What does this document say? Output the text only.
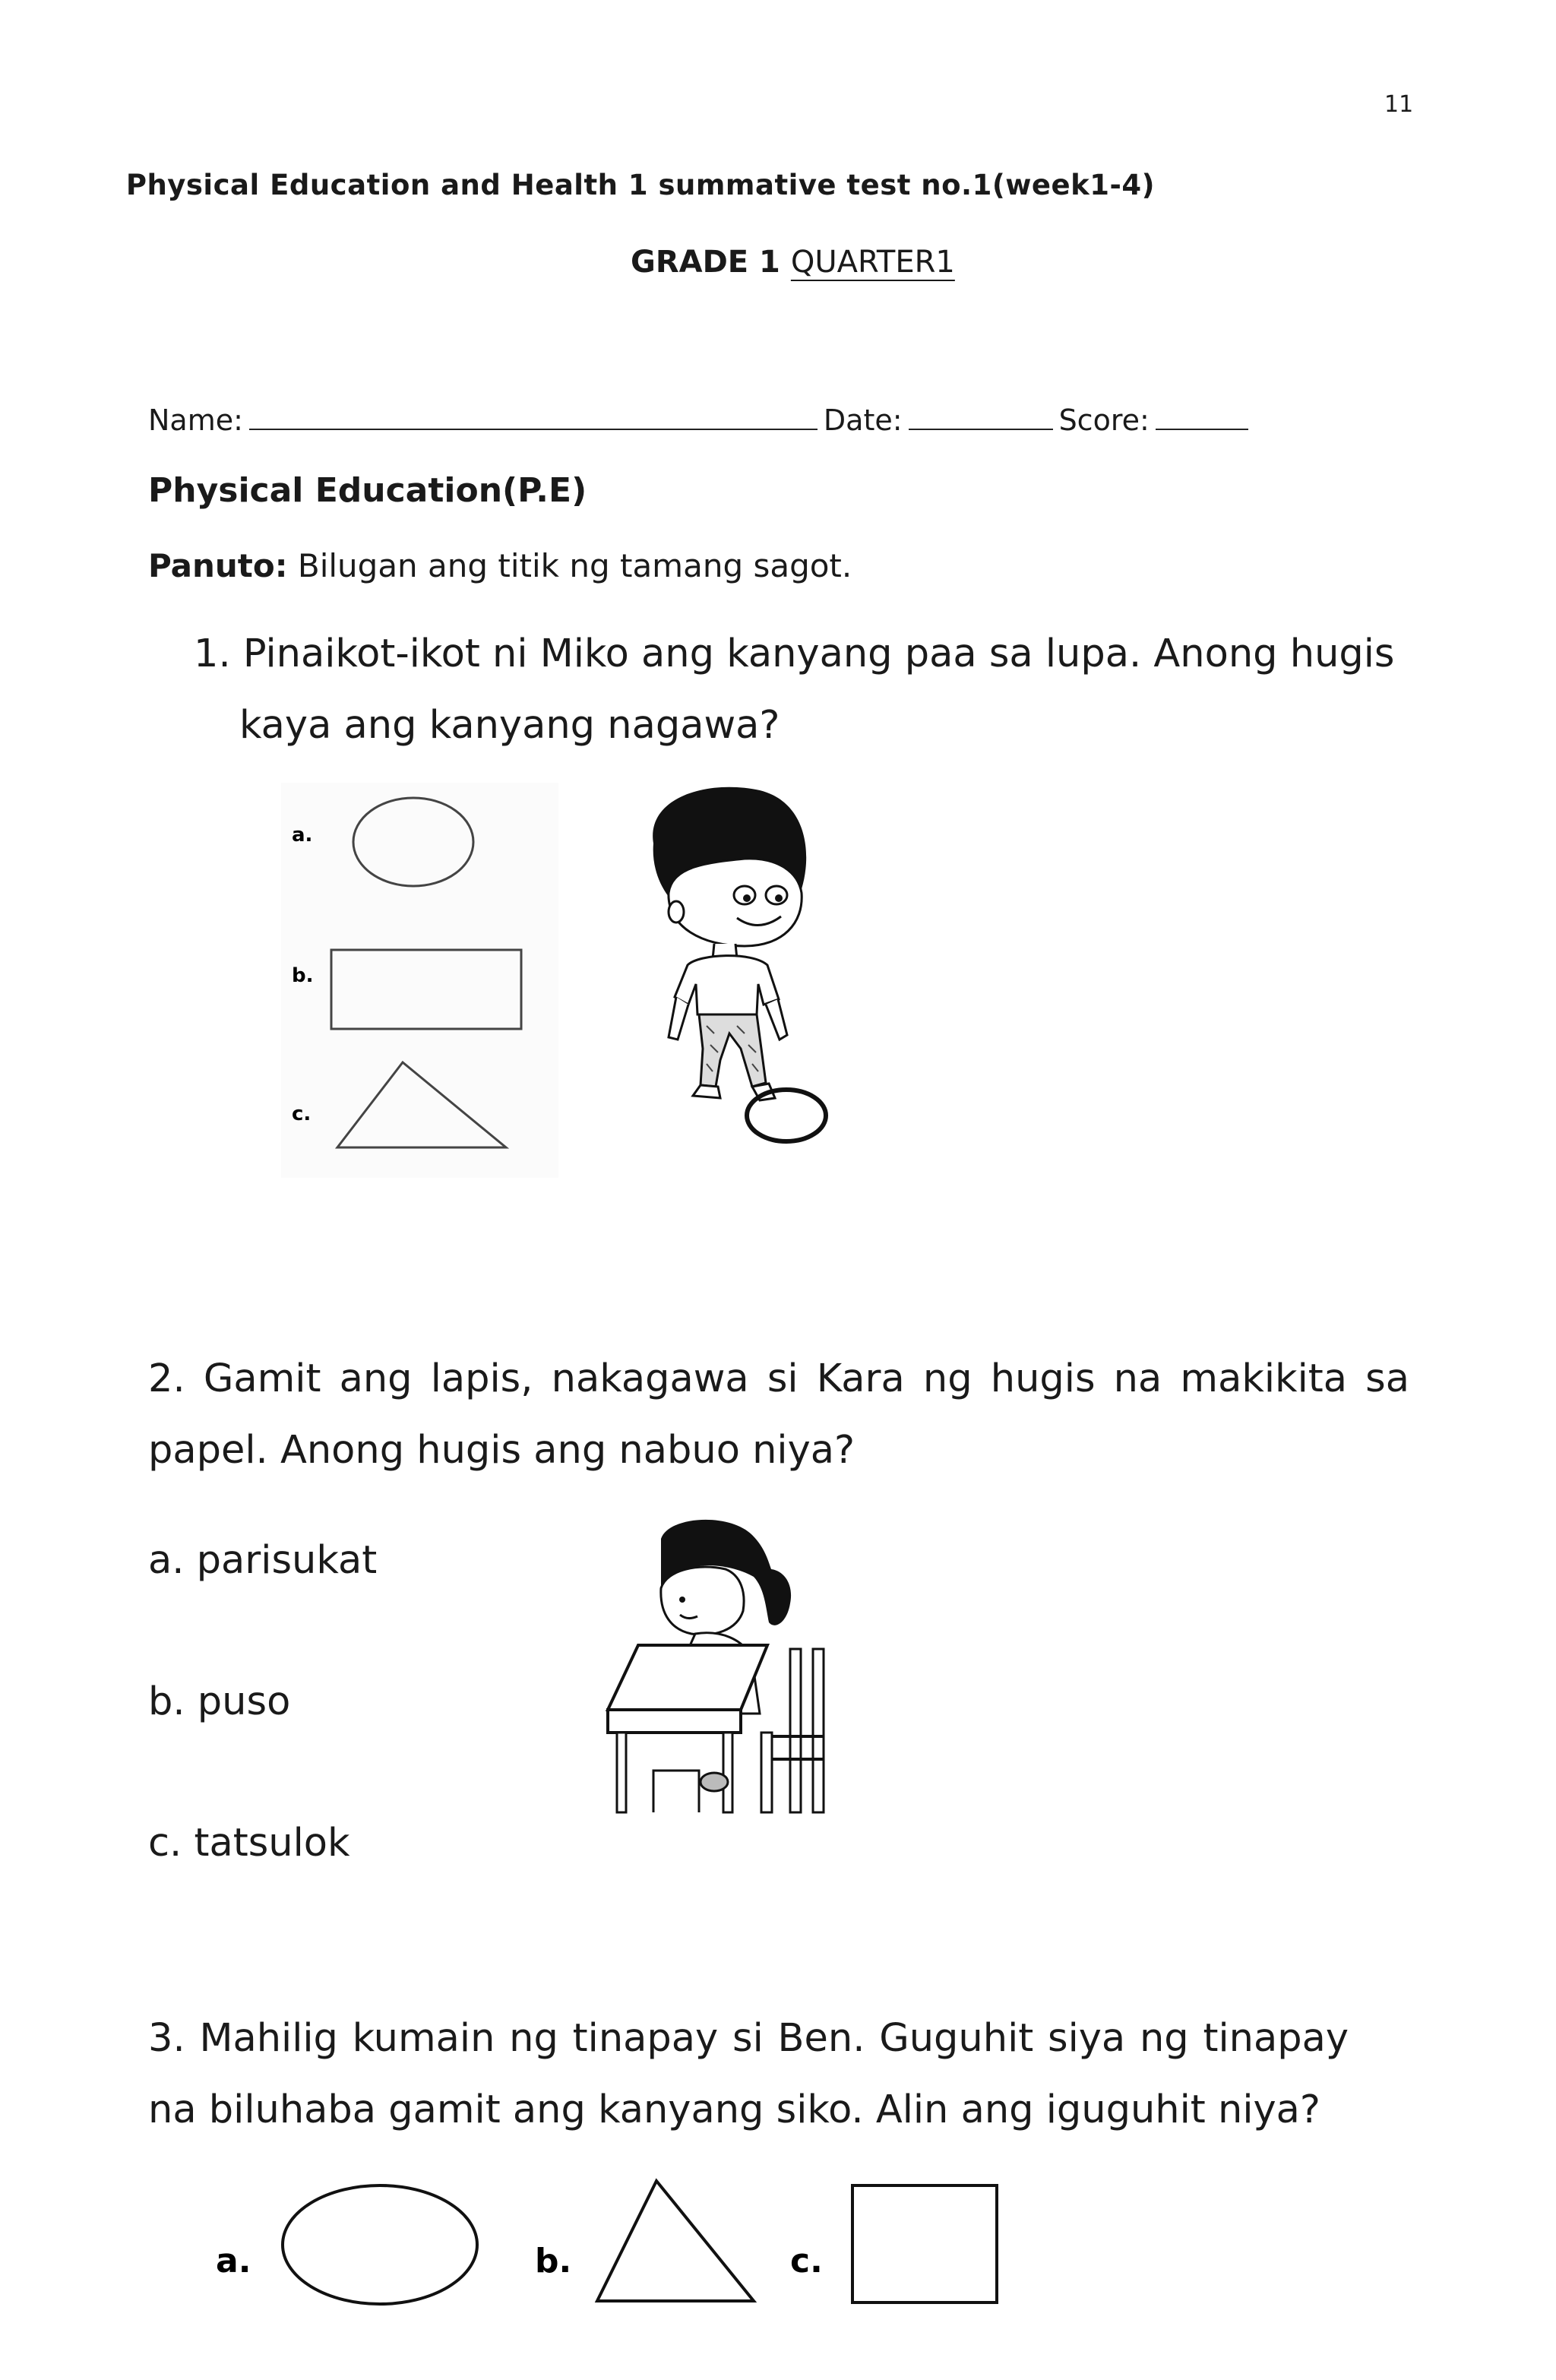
11
Physical Education and Health 1 summative test no.1(week1-4)
GRADE 1 QUARTER1
Name:	Date:	Score:
Physical Education(P.E)
Panuto: Bilugan ang titik ng tamang sagot.
1. Pinaikot-ikot ni Miko ang kanyang paa sa lupa. Anong hugis
kaya ang kanyang nagawa?
a.
b.
c.
2. Gamit ang lapis, nakagawa si Kara ng hugis na makikita sa papel. Anong hugis ang nabuo niya?
a. parisukat
b. puso
c. tatsulok
3. Mahilig kumain ng tinapay si Ben. Guguhit siya ng tinapay na biluhaba gamit ang kanyang siko. Alin ang iguguhit niya?
a.	b.	c.
